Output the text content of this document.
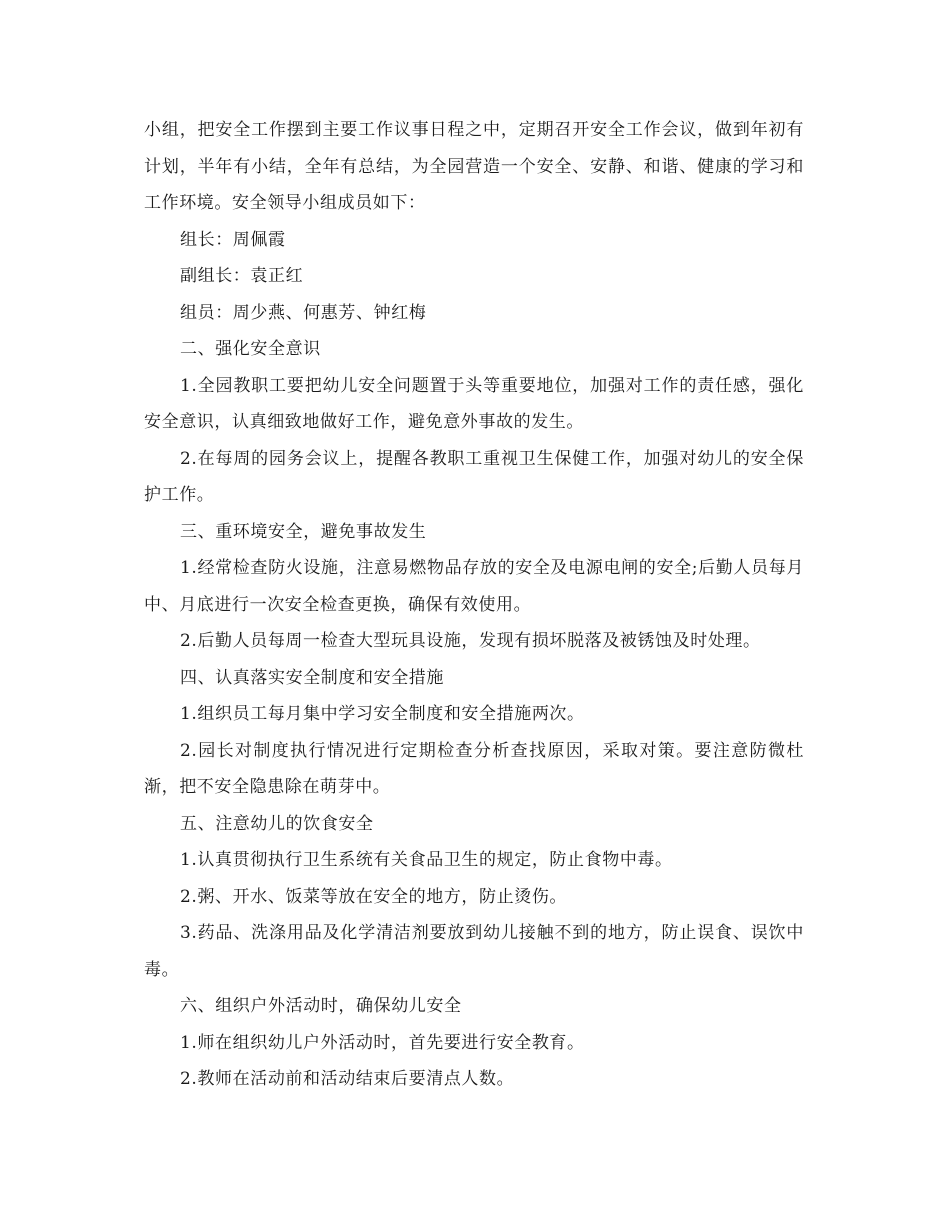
小组，把安全工作摆到主要工作议事日程之中，定期召开安全工作会议，做到年初有计划，半年有小结，全年有总结，为全园营造一个安全、安静、和谐、健康的学习和工作环境。安全领导小组成员如下：

组长：周佩霞

副组长：袁正红

组员：周少燕、何惠芳、钟红梅

二、强化安全意识

1.全园教职工要把幼儿安全问题置于头等重要地位，加强对工作的责任感，强化安全意识，认真细致地做好工作，避免意外事故的发生。

2.在每周的园务会议上，提醒各教职工重视卫生保健工作，加强对幼儿的安全保护工作。

三、重环境安全，避免事故发生

1.经常检查防火设施，注意易燃物品存放的安全及电源电闸的安全;后勤人员每月中、月底进行一次安全检查更换，确保有效使用。

2.后勤人员每周一检查大型玩具设施，发现有损坏脱落及被锈蚀及时处理。

四、认真落实安全制度和安全措施

1.组织员工每月集中学习安全制度和安全措施两次。

2.园长对制度执行情况进行定期检查分析查找原因，采取对策。要注意防微杜渐，把不安全隐患除在萌芽中。

五、注意幼儿的饮食安全

1.认真贯彻执行卫生系统有关食品卫生的规定，防止食物中毒。

2.粥、开水、饭菜等放在安全的地方，防止烫伤。

3.药品、洗涤用品及化学清洁剂要放到幼儿接触不到的地方，防止误食、误饮中毒。

六、组织户外活动时，确保幼儿安全

1.师在组织幼儿户外活动时，首先要进行安全教育。

2.教师在活动前和活动结束后要清点人数。
